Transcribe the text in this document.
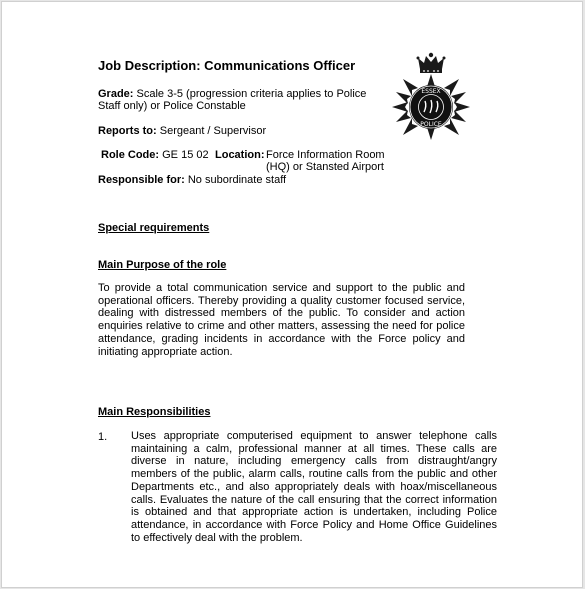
Job Description: Communications Officer
ESSEX
POLICE
Grade: Scale 3-5 (progression criteria applies to Police
Staff only) or Police Constable
Reports to: Sergeant / Supervisor
Role Code: GE 15 02 Location: Force Information Room
(HQ) or Stansted Airport
Responsible for: No subordinate staff
Special requirements
Main Purpose of the role
To provide a total communication service and support to the public and operational officers. Thereby providing a quality customer focused service, dealing with distressed members of the public. To consider and action enquiries relative to crime and other matters, assessing the need for police attendance, grading incidents in accordance with the Force policy and initiating appropriate action.
Main Responsibilities
1. Uses appropriate computerised equipment to answer telephone calls maintaining a calm, professional manner at all times. These calls are diverse in nature, including emergency calls from distraught/angry members of the public, alarm calls, routine calls from the public and other Departments etc., and also appropriately deals with hoax/miscellaneous calls. Evaluates the nature of the call ensuring that the correct information is obtained and that appropriate action is undertaken, including Police attendance, in accordance with Force Policy and Home Office Guidelines to effectively deal with the problem.
